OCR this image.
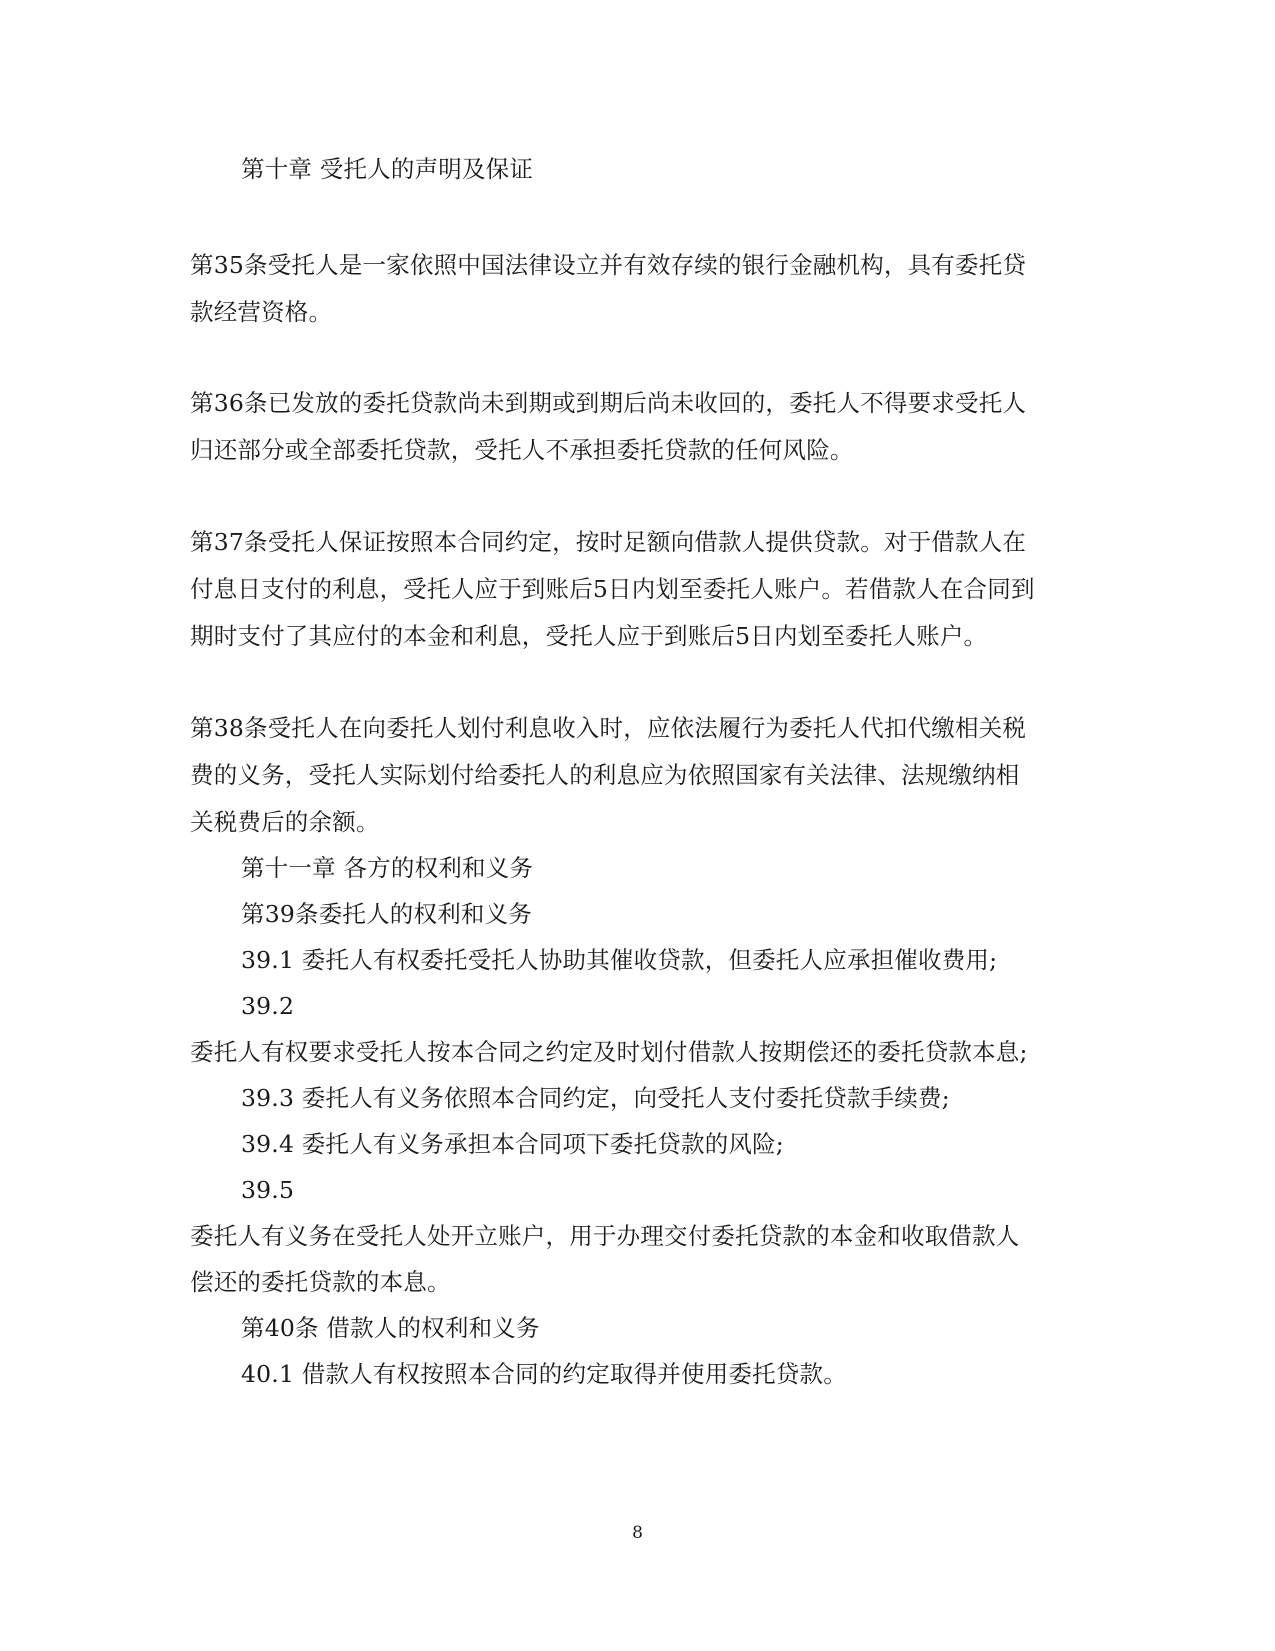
第十章 受托人的声明及保证
第35条受托人是一家依照中国法律设立并有效存续的银行金融机构，具有委托贷
款经营资格。
第36条已发放的委托贷款尚未到期或到期后尚未收回的，委托人不得要求受托人
归还部分或全部委托贷款，受托人不承担委托贷款的任何风险。
第37条受托人保证按照本合同约定，按时足额向借款人提供贷款。对于借款人在
付息日支付的利息，受托人应于到账后5日内划至委托人账户。若借款人在合同到
期时支付了其应付的本金和利息，受托人应于到账后5日内划至委托人账户。
第38条受托人在向委托人划付利息收入时，应依法履行为委托人代扣代缴相关税
费的义务，受托人实际划付给委托人的利息应为依照国家有关法律、法规缴纳相
关税费后的余额。
第十一章 各方的权利和义务
第39条委托人的权利和义务
39.1 委托人有权委托受托人协助其催收贷款，但委托人应承担催收费用;
39.2
委托人有权要求受托人按本合同之约定及时划付借款人按期偿还的委托贷款本息;
39.3 委托人有义务依照本合同约定，向受托人支付委托贷款手续费;
39.4 委托人有义务承担本合同项下委托贷款的风险;
39.5
委托人有义务在受托人处开立账户，用于办理交付委托贷款的本金和收取借款人
偿还的委托贷款的本息。
第40条 借款人的权利和义务
40.1 借款人有权按照本合同的约定取得并使用委托贷款。
8
